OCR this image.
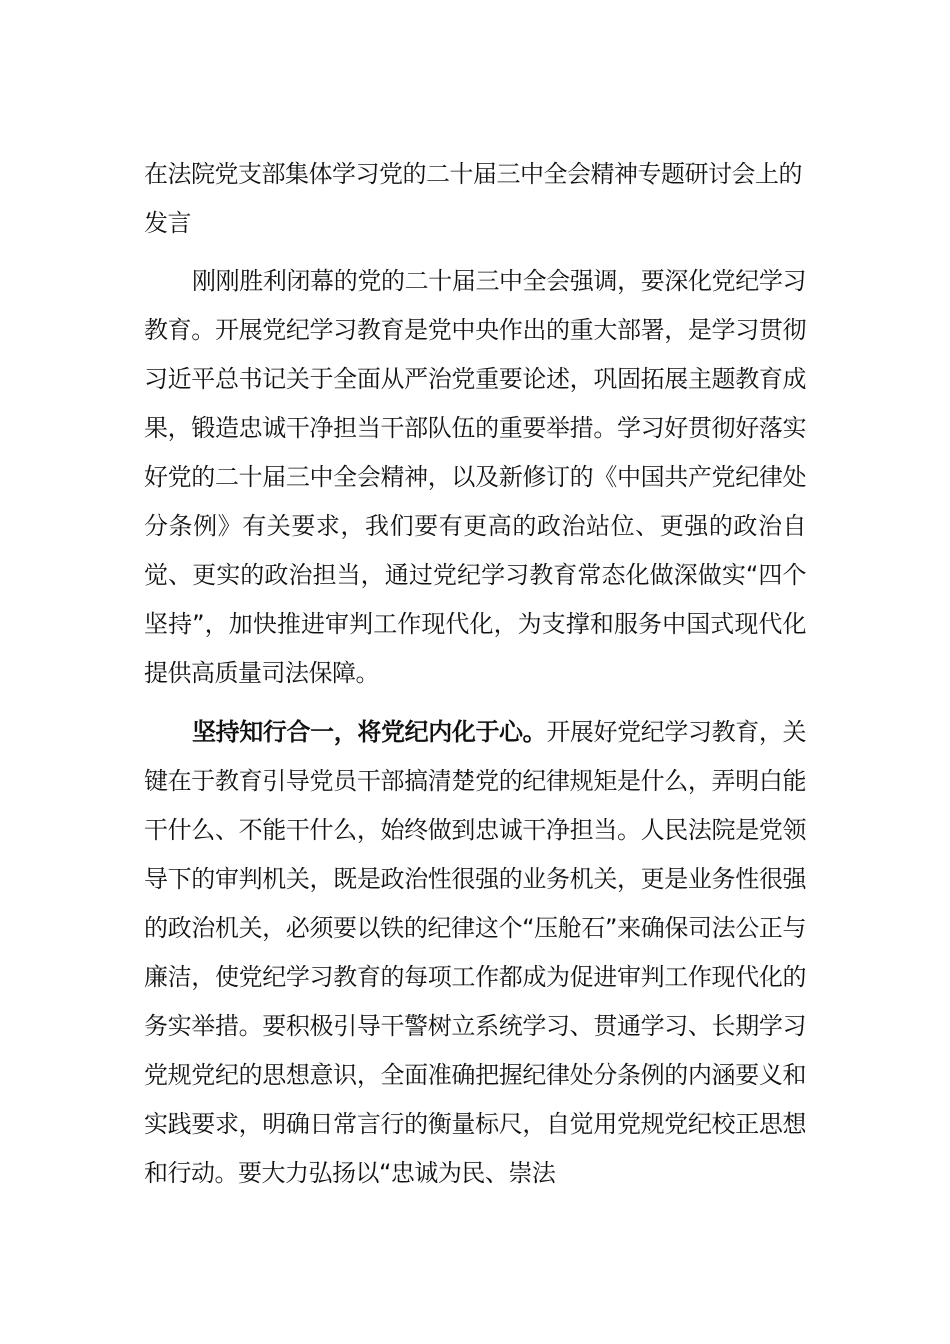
在法院党支部集体学习党的二十届三中全会精神专题研讨会上的发言

刚刚胜利闭幕的党的二十届三中全会强调，要深化党纪学习教育。开展党纪学习教育是党中央作出的重大部署，是学习贯彻习近平总书记关于全面从严治党重要论述，巩固拓展主题教育成果，锻造忠诚干净担当干部队伍的重要举措。学习好贯彻好落实好党的二十届三中全会精神，以及新修订的《中国共产党纪律处分条例》有关要求，我们要有更高的政治站位、更强的政治自觉、更实的政治担当，通过党纪学习教育常态化做深做实“四个坚持”，加快推进审判工作现代化，为支撑和服务中国式现代化提供高质量司法保障。

坚持知行合一，将党纪内化于心。开展好党纪学习教育，关键在于教育引导党员干部搞清楚党的纪律规矩是什么，弄明白能干什么、不能干什么，始终做到忠诚干净担当。人民法院是党领导下的审判机关，既是政治性很强的业务机关，更是业务性很强的政治机关，必须要以铁的纪律这个“压舱石”来确保司法公正与廉洁，使党纪学习教育的每项工作都成为促进审判工作现代化的务实举措。要积极引导干警树立系统学习、贯通学习、长期学习党规党纪的思想意识，全面准确把握纪律处分条例的内涵要义和实践要求，明确日常言行的衡量标尺，自觉用党规党纪校正思想和行动。要大力弘扬以“忠诚为民、崇法
